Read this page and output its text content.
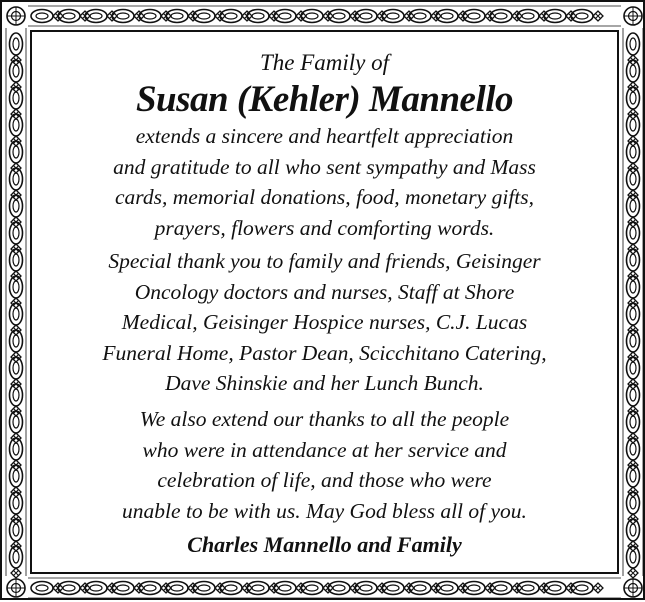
The Family of
Susan (Kehler) Mannello
extends a sincere and heartfelt appreciation
and gratitude to all who sent sympathy and Mass
cards, memorial donations, food, monetary gifts,
prayers, flowers and comforting words.
Special thank you to family and friends, Geisinger
Oncology doctors and nurses, Staff at Shore
Medical, Geisinger Hospice nurses, C.J. Lucas
Funeral Home, Pastor Dean, Scicchitano Catering,
Dave Shinskie and her Lunch Bunch.
We also extend our thanks to all the people
who were in attendance at her service and
celebration of life, and those who were
unable to be with us. May God bless all of you.
Charles Mannello and Family
